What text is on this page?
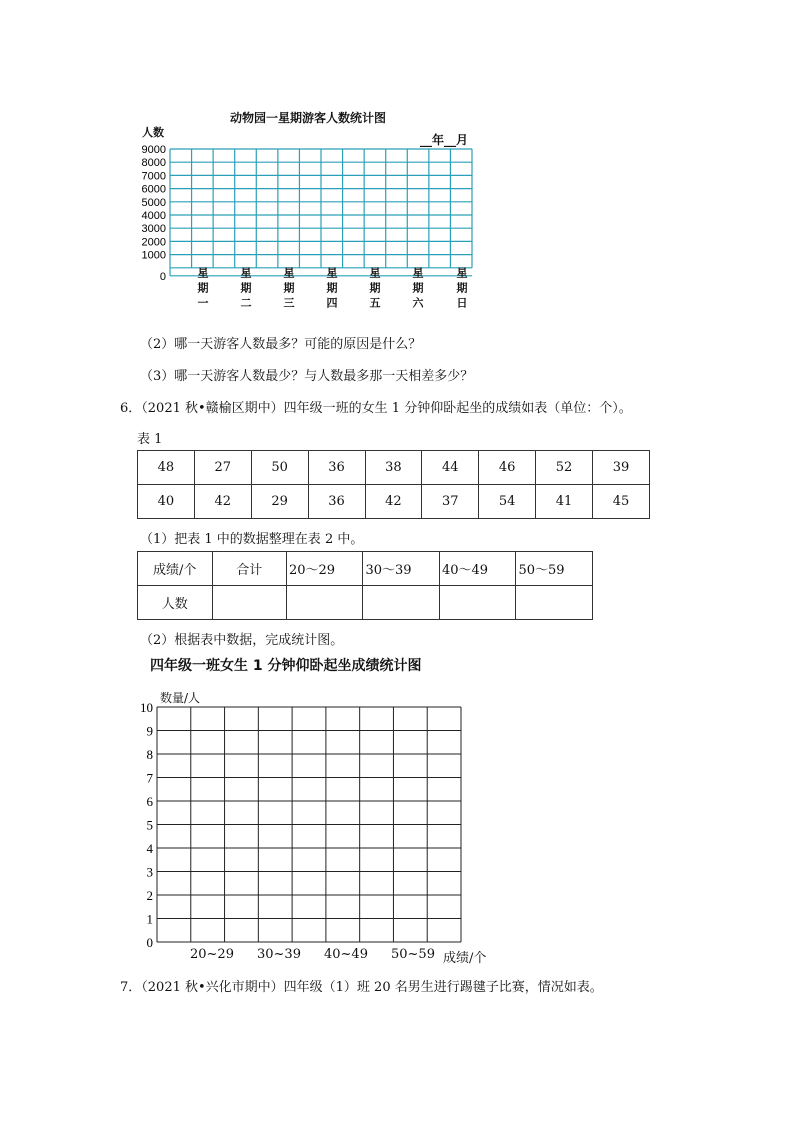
动物园一星期游客人数统计图
人数
__年__月
9000
8000
7000
6000
5000
4000
3000
2000
1000
0	星期一	星期二	星期三	星期四	星期五	星期六	星期日
（2）哪一天游客人数最多？可能的原因是什么？
（3）哪一天游客人数最少？与人数最多那一天相差多少？
6．（2021 秋•赣榆区期中）四年级一班的女生 1 分钟仰卧起坐的成绩如表（单位：个）。
表 1
48	27	50	36	38	44	46	52	39
40	42	29	36	42	37	54	41	45
（1）把表 1 中的数据整理在表 2 中。
成绩/个	合计	20～29	30～39	40～49	50～59
人数					
（2）根据表中数据，完成统计图。
四年级一班女生 1 分钟仰卧起坐成绩统计图
数量/人
10
9
8
7
6
5
4
3
2
1
0
20~29 30~39 40~49 50~59 成绩/个
7．（2021 秋•兴化市期中）四年级（1）班 20 名男生进行踢毽子比赛，情况如表。
